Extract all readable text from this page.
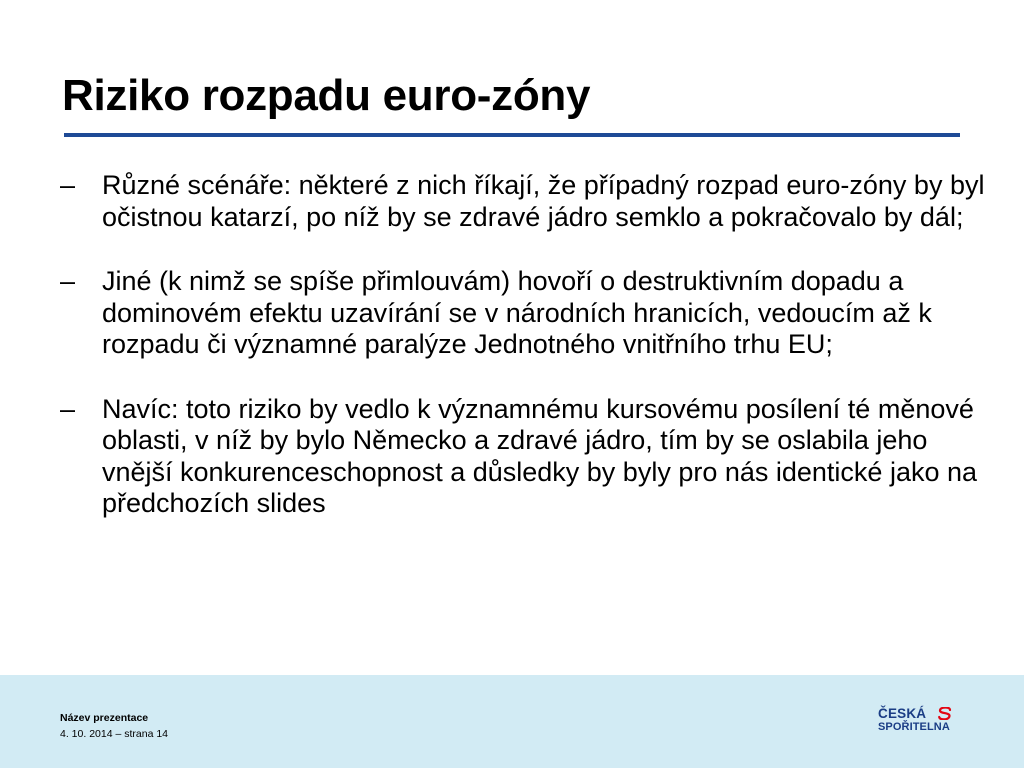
Riziko rozpadu euro-zóny
– Různé scénáře: některé z nich říkají, že případný rozpad euro-zóny by byl očistnou katarzí, po níž by se zdravé jádro semklo a pokračovalo by dál;
– Jiné (k nimž se spíše přimlouvám) hovoří o destruktivním dopadu a dominovém efektu uzavírání se v národních hranicích, vedoucím až k rozpadu či významné paralýze Jednotného vnitřního trhu EU;
– Navíc: toto riziko by vedlo k významnému kursovému posílení té měnové oblasti, v níž by bylo Německo a zdravé jádro, tím by se oslabila jeho vnější konkurenceschopnost a důsledky by byly pro nás identické jako na předchozích slides
Název prezentace
4. 10. 2014 – strana 14
ČESKÁ
SPOŘITELNA
